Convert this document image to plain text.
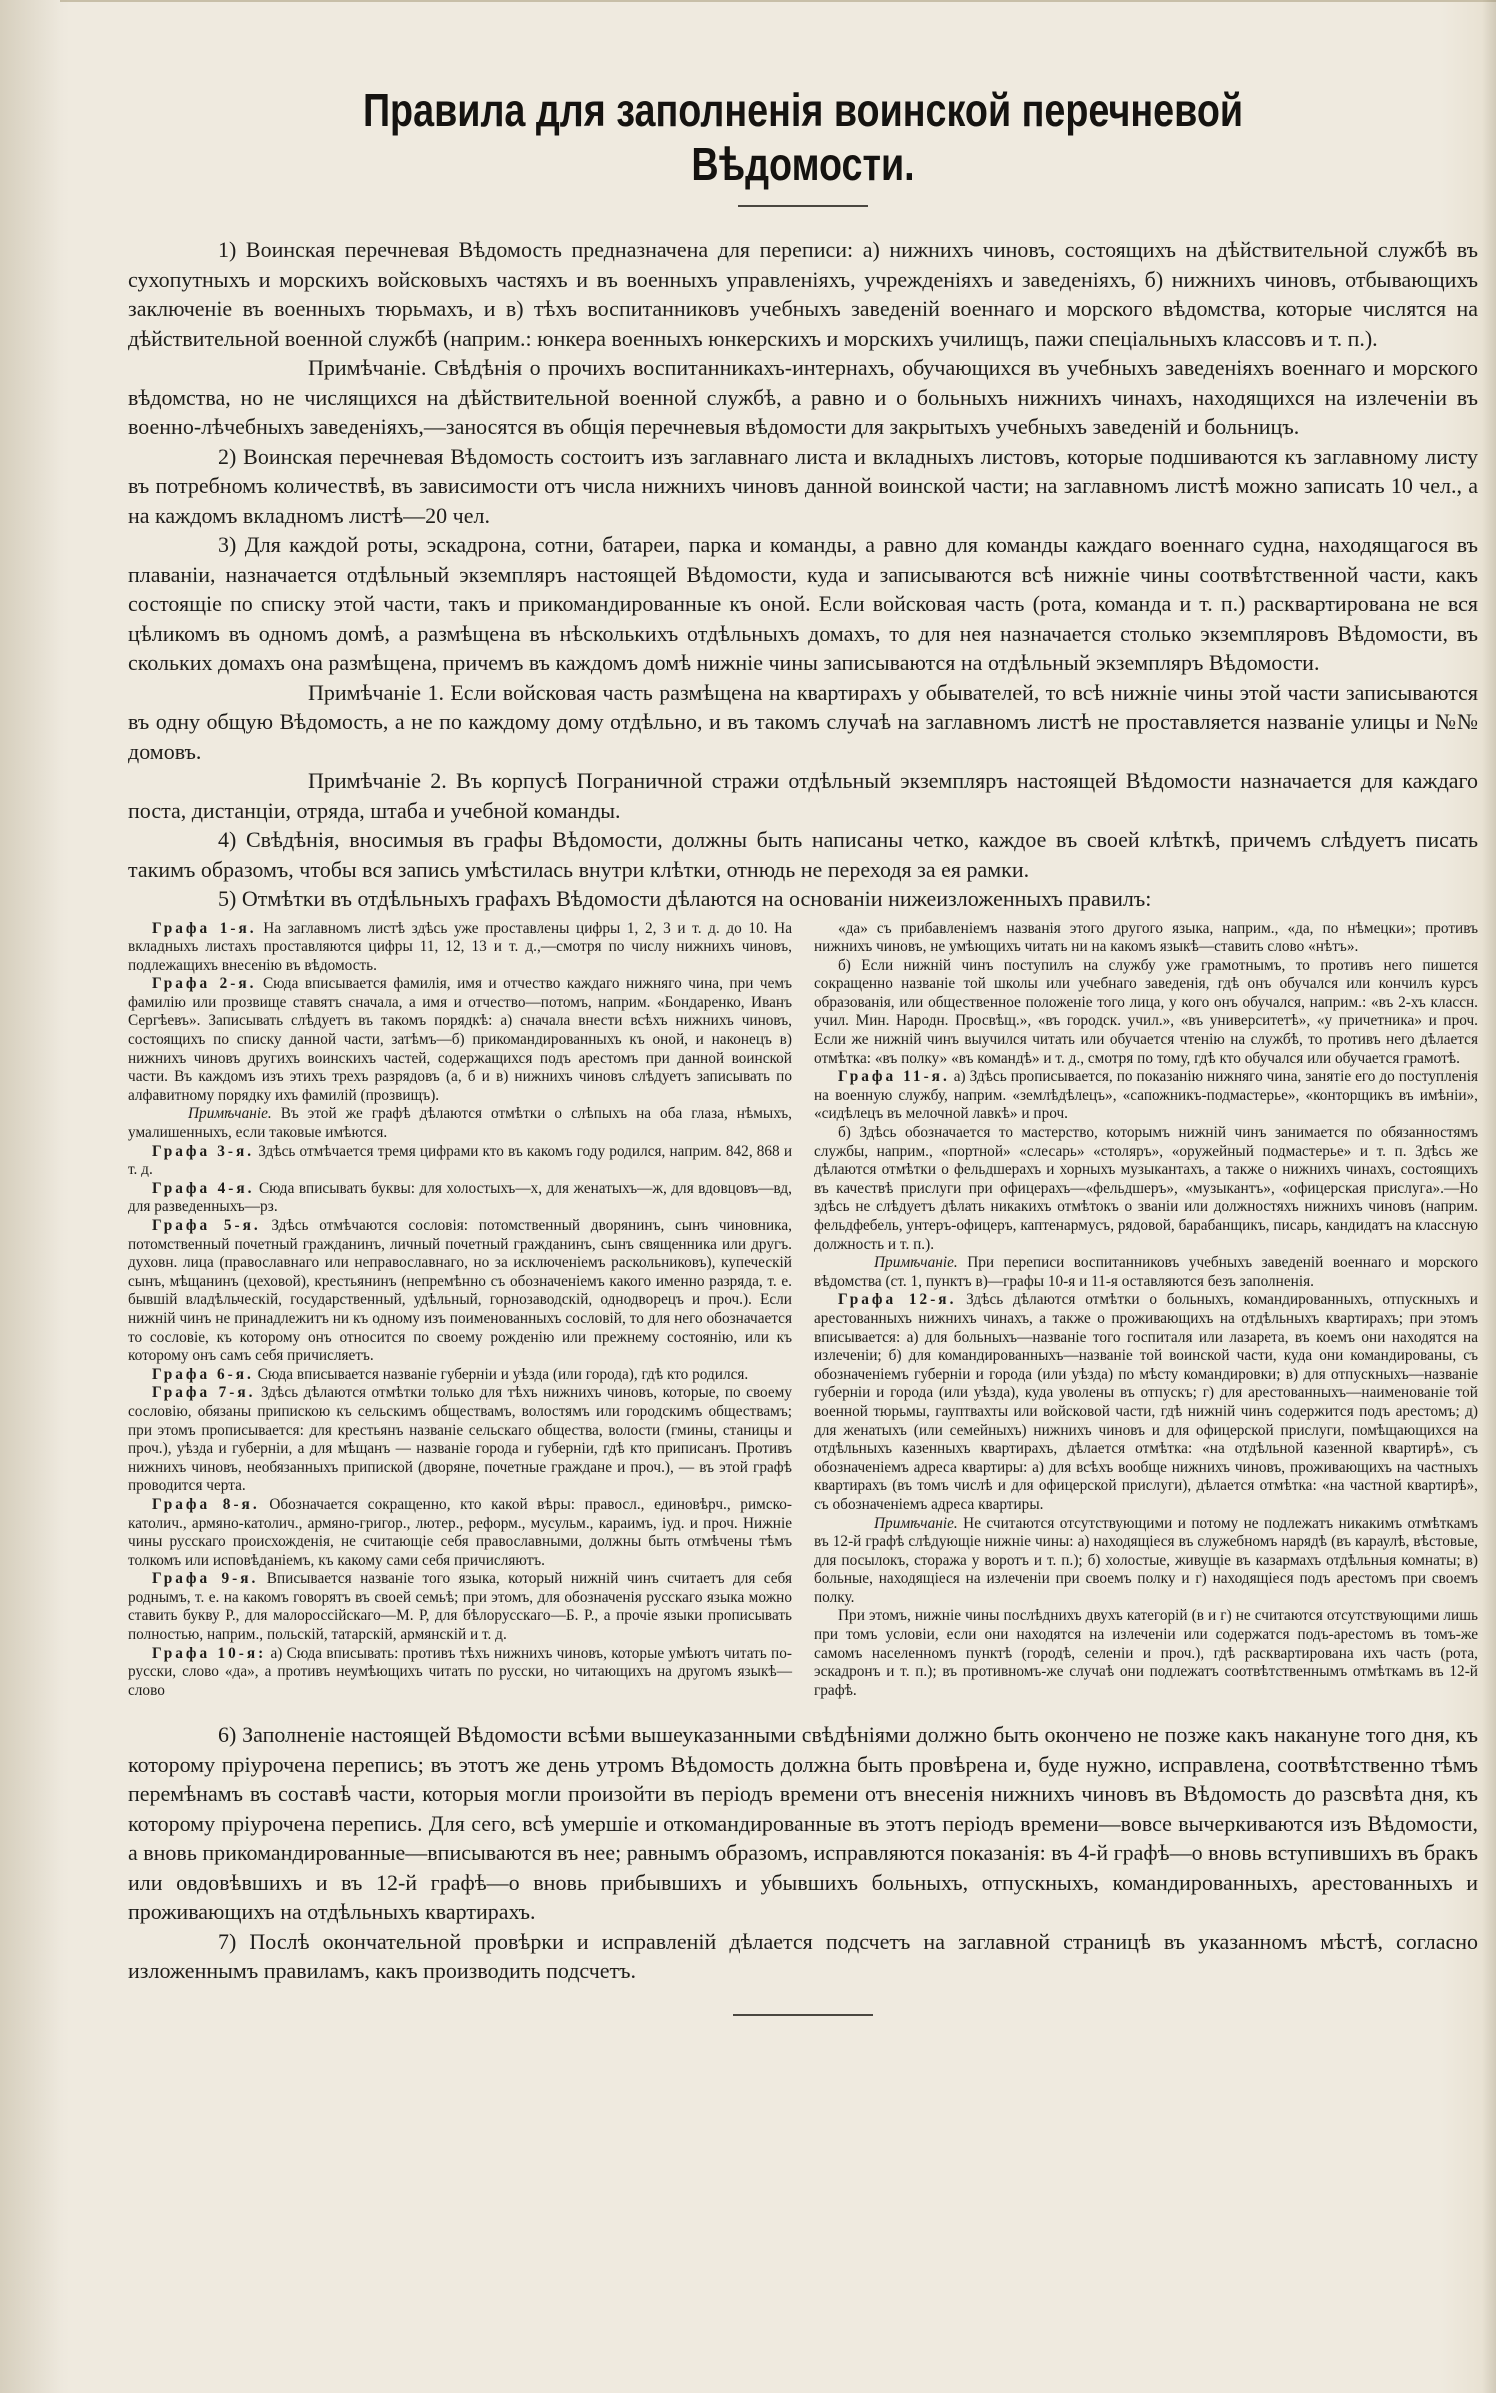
Правила для заполненія воинской перечневой Вѣдомости.

1) Воинская перечневая Вѣдомость предназначена для переписи: а) нижнихъ чиновъ, состоящихъ на дѣйствительной службѣ въ сухопутныхъ и морскихъ войсковыхъ частяхъ и въ военныхъ управленіяхъ, учрежденіяхъ и заведеніяхъ, б) нижнихъ чиновъ, отбывающихъ заключеніе въ военныхъ тюрьмахъ, и в) тѣхъ воспитанниковъ учебныхъ заведеній военнаго и морского вѣдомства, которые числятся на дѣйствительной военной службѣ (наприм.: юнкера военныхъ юнкерскихъ и морскихъ училищъ, пажи спеціальныхъ классовъ и т. п.).

Примѣчаніе. Свѣдѣнія о прочихъ воспитанникахъ-интернахъ, обучающихся въ учебныхъ заведеніяхъ военнаго и морского вѣдомства, но не числящихся на дѣйствительной военной службѣ, а равно и о больныхъ нижнихъ чинахъ, находящихся на излеченіи въ военно-лѣчебныхъ заведеніяхъ,—заносятся въ общія перечневыя вѣдомости для закрытыхъ учебныхъ заведеній и больницъ.

2) Воинская перечневая Вѣдомость состоитъ изъ заглавнаго листа и вкладныхъ листовъ, которые подшиваются къ заглавному листу въ потребномъ количествѣ, въ зависимости отъ числа нижнихъ чиновъ данной воинской части; на заглавномъ листѣ можно записать 10 чел., а на каждомъ вкладномъ листѣ—20 чел.

3) Для каждой роты, эскадрона, сотни, батареи, парка и команды, а равно для команды каждаго военнаго судна, находящагося въ плаваніи, назначается отдѣльный экземпляръ настоящей Вѣдомости, куда и записываются всѣ нижніе чины соотвѣтственной части, какъ состоящіе по списку этой части, такъ и прикомандированные къ оной. Если войсковая часть (рота, команда и т. п.) расквартирована не вся цѣликомъ въ одномъ домѣ, а размѣщена въ нѣсколькихъ отдѣльныхъ домахъ, то для нея назначается столько экземпляровъ Вѣдомости, въ скольких домахъ она размѣщена, причемъ въ каждомъ домѣ нижніе чины записываются на отдѣльный экземпляръ Вѣдомости.

Примѣчаніе 1. Если войсковая часть размѣщена на квартирахъ у обывателей, то всѣ нижніе чины этой части записываются въ одну общую Вѣдомость, а не по каждому дому отдѣльно, и въ такомъ случаѣ на заглавномъ листѣ не проставляется названіе улицы и №№ домовъ.

Примѣчаніе 2. Въ корпусѣ Пограничной стражи отдѣльный экземпляръ настоящей Вѣдомости назначается для каждаго поста, дистанціи, отряда, штаба и учебной команды.

4) Свѣдѣнія, вносимыя въ графы Вѣдомости, должны быть написаны четко, каждое въ своей клѣткѣ, причемъ слѣдуетъ писать такимъ образомъ, чтобы вся запись умѣстилась внутри клѣтки, отнюдь не переходя за ея рамки.

5) Отмѣтки въ отдѣльныхъ графахъ Вѣдомости дѣлаются на основаніи нижеизложенныхъ правилъ:

Графа 1-я. На заглавномъ листѣ здѣсь уже проставлены цифры 1, 2, 3 и т. д. до 10. На вкладныхъ листахъ проставляются цифры 11, 12, 13 и т. д.,—смотря по числу нижнихъ чиновъ, подлежащихъ внесенію въ вѣдомость.

Графа 2-я. Сюда вписывается фамилія, имя и отчество каждаго нижняго чина, при чемъ фамилію или прозвище ставятъ сначала, а имя и отчество—потомъ, наприм. «Бондаренко, Иванъ Сергѣевъ». Записывать слѣдуетъ въ такомъ порядкѣ: а) сначала внести всѣхъ нижнихъ чиновъ, состоящихъ по списку данной части, затѣмъ—б) прикомандированныхъ къ оной, и наконецъ в) нижнихъ чиновъ другихъ воинскихъ частей, содержащихся подъ арестомъ при данной воинской части. Въ каждомъ изъ этихъ трехъ разрядовъ (а, б и в) нижнихъ чиновъ слѣдуетъ записывать по алфавитному порядку ихъ фамилій (прозвищъ).

Примѣчаніе. Въ этой же графѣ дѣлаются отмѣтки о слѣпыхъ на оба глаза, нѣмыхъ, умалишенныхъ, если таковые имѣются.

Графа 3-я. Здѣсь отмѣчается тремя цифрами кто въ какомъ году родился, наприм. 842, 868 и т. д.

Графа 4-я. Сюда вписывать буквы: для холостыхъ—х, для женатыхъ—ж, для вдовцовъ—вд, для разведенныхъ—рз.

Графа 5-я. Здѣсь отмѣчаются сословія: потомственный дворянинъ, сынъ чиновника, потомственный почетный гражданинъ, личный почетный гражданинъ, сынъ священника или другъ. духовн. лица (православнаго или неправославнаго, но за исключеніемъ раскольниковъ), купеческій сынъ, мѣщанинъ (цеховой), крестьянинъ (непремѣнно съ обозначеніемъ какого именно разряда, т. е. бывшій владѣльческій, государственный, удѣльный, горнозаводскій, однодворецъ и проч.). Если нижній чинъ не принадлежитъ ни къ одному изъ поименованныхъ сословій, то для него обозначается то сословіе, къ которому онъ относится по своему рожденію или прежнему состоянію, или къ которому онъ самъ себя причисляетъ.

Графа 6-я. Сюда вписывается названіе губерніи и уѣзда (или города), гдѣ кто родился.

Графа 7-я. Здѣсь дѣлаются отмѣтки только для тѣхъ нижнихъ чиновъ, которые, по своему сословію, обязаны припискою къ сельскимъ обществамъ, волостямъ или городскимъ обществамъ; при этомъ прописывается: для крестьянъ названіе сельскаго общества, волости (гмины, станицы и проч.), уѣзда и губерніи, а для мѣщанъ — названіе города и губерніи, гдѣ кто приписанъ. Противъ нижнихъ чиновъ, необязанныхъ припиской (дворяне, почетные граждане и проч.), — въ этой графѣ проводится черта.

Графа 8-я. Обозначается сокращенно, кто какой вѣры: правосл., единовѣрч., римско-католич., армяно-католич., армяно-григор., лютер., реформ., мусульм., караимъ, іуд. и проч. Нижніе чины русскаго происхожденія, не считающіе себя православными, должны быть отмѣчены тѣмъ толкомъ или исповѣданіемъ, къ какому сами себя причисляютъ.

Графа 9-я. Вписывается названіе того языка, который нижній чинъ считаетъ для себя роднымъ, т. е. на какомъ говорятъ въ своей семьѣ; при этомъ, для обозначенія русскаго языка можно ставить букву Р., для малороссійскаго—М. Р, для бѣлорусскаго—Б. Р., а прочіе языки прописывать полностью, наприм., польскій, татарскій, армянскій и т. д.

Графа 10-я: а) Сюда вписывать: противъ тѣхъ нижнихъ чиновъ, которые умѣютъ читать по-русски, слово «да», а противъ неумѣющихъ читать по русски, но читающихъ на другомъ языкѣ—слово

«да» съ прибавленіемъ названія этого другого языка, наприм., «да, по нѣмецки»; противъ нижнихъ чиновъ, не умѣющихъ читать ни на какомъ языкѣ—ставить слово «нѣтъ».

б) Если нижній чинъ поступилъ на службу уже грамотнымъ, то противъ него пишется сокращенно названіе той школы или учебнаго заведенія, гдѣ онъ обучался или кончилъ курсъ образованія, или общественное положеніе того лица, у кого онъ обучался, наприм.: «въ 2-хъ классн. учил. Мин. Народн. Просвѣщ.», «въ городск. учил.», «въ университетѣ», «у причетника» и проч. Если же нижній чинъ выучился читать или обучается чтенію на службѣ, то противъ него дѣлается отмѣтка: «въ полку» «въ командѣ» и т. д., смотря по тому, гдѣ кто обучался или обучается грамотѣ.

Графа 11-я. а) Здѣсь прописывается, по показанію нижняго чина, занятіе его до поступленія на военную службу, наприм. «землѣдѣлецъ», «сапожникъ-подмастерье», «конторщикъ въ имѣніи», «сидѣлецъ въ мелочной лавкѣ» и проч.

б) Здѣсь обозначается то мастерство, которымъ нижній чинъ занимается по обязанностямъ службы, наприм., «портной» «слесарь» «столяръ», «оружейный подмастерье» и т. п. Здѣсь же дѣлаются отмѣтки о фельдшерахъ и хорныхъ музыкантахъ, а также о нижнихъ чинахъ, состоящихъ въ качествѣ прислуги при офицерахъ—«фельдшеръ», «музыкантъ», «офицерская прислуга».—Но здѣсь не слѣдуетъ дѣлать никакихъ отмѣтокъ о званіи или должностяхъ нижнихъ чиновъ (наприм. фельдфебель, унтеръ-офицеръ, каптенармусъ, рядовой, барабанщикъ, писарь, кандидатъ на классную должность и т. п.).

Примѣчаніе. При переписи воспитанниковъ учебныхъ заведеній военнаго и морского вѣдомства (ст. 1, пунктъ в)—графы 10-я и 11-я оставляются безъ заполненія.

Графа 12-я. Здѣсь дѣлаются отмѣтки о больныхъ, командированныхъ, отпускныхъ и арестованныхъ нижнихъ чинахъ, а также о проживающихъ на отдѣльныхъ квартирахъ; при этомъ вписывается: а) для больныхъ—названіе того госпиталя или лазарета, въ коемъ они находятся на излеченіи; б) для командированныхъ—названіе той воинской части, куда они командированы, съ обозначеніемъ губерніи и города (или уѣзда) по мѣсту командировки; в) для отпускныхъ—названіе губерніи и города (или уѣзда), куда уволены въ отпускъ; г) для арестованныхъ—наименованіе той военной тюрьмы, гауптвахты или войсковой части, гдѣ нижній чинъ содержится подъ арестомъ; д) для женатыхъ (или семейныхъ) нижнихъ чиновъ и для офицерской прислуги, помѣщающихся на отдѣльныхъ казенныхъ квартирахъ, дѣлается отмѣтка: «на отдѣльной казенной квартирѣ», съ обозначеніемъ адреса квартиры: а) для всѣхъ вообще нижнихъ чиновъ, проживающихъ на частныхъ квартирахъ (въ томъ числѣ и для офицерской прислуги), дѣлается отмѣтка: «на частной квартирѣ», съ обозначеніемъ адреса квартиры.

Примѣчаніе. Не считаются отсутствующими и потому не подлежатъ никакимъ отмѣткамъ въ 12-й графѣ слѣдующіе нижніе чины: а) находящіеся въ служебномъ нарядѣ (въ караулѣ, вѣстовые, для посылокъ, стоража у воротъ и т. п.); б) холостые, живущіе въ казармахъ отдѣльныя комнаты; в) больные, находящіеся на излеченіи при своемъ полку и г) находящіеся подъ арестомъ при своемъ полку.

При этомъ, нижніе чины послѣднихъ двухъ категорій (в и г) не считаются отсутствующими лишь при томъ условіи, если они находятся на излеченіи или содержатся подъ-арестомъ въ томъ-же самомъ населенномъ пунктѣ (городѣ, селеніи и проч.), гдѣ расквартирована ихъ часть (рота, эскадронъ и т. п.); въ противномъ-же случаѣ они подлежатъ соотвѣтственнымъ отмѣткамъ въ 12-й графѣ.

6) Заполненіе настоящей Вѣдомости всѣми вышеуказанными свѣдѣніями должно быть окончено не позже какъ накануне того дня, къ которому пріурочена перепись; въ этотъ же день утромъ Вѣдомость должна быть провѣрена и, буде нужно, исправлена, соотвѣтственно тѣмъ перемѣнамъ въ составѣ части, которыя могли произойти въ періодъ времени отъ внесенія нижнихъ чиновъ въ Вѣдомость до разсвѣта дня, къ которому пріурочена перепись. Для сего, всѣ умершіе и откомандированные въ этотъ періодъ времени—вовсе вычеркиваются изъ Вѣдомости, а вновь прикомандированные—вписываются въ нее; равнымъ образомъ, исправляются показанія: въ 4-й графѣ—о вновь вступившихъ въ бракъ или овдовѣвшихъ и въ 12-й графѣ—о вновь прибывшихъ и убывшихъ больныхъ, отпускныхъ, командированныхъ, арестованныхъ и проживающихъ на отдѣльныхъ квартирахъ.

7) Послѣ окончательной провѣрки и исправленій дѣлается подсчетъ на заглавной страницѣ въ указанномъ мѣстѣ, согласно изложеннымъ правиламъ, какъ производить подсчетъ.
